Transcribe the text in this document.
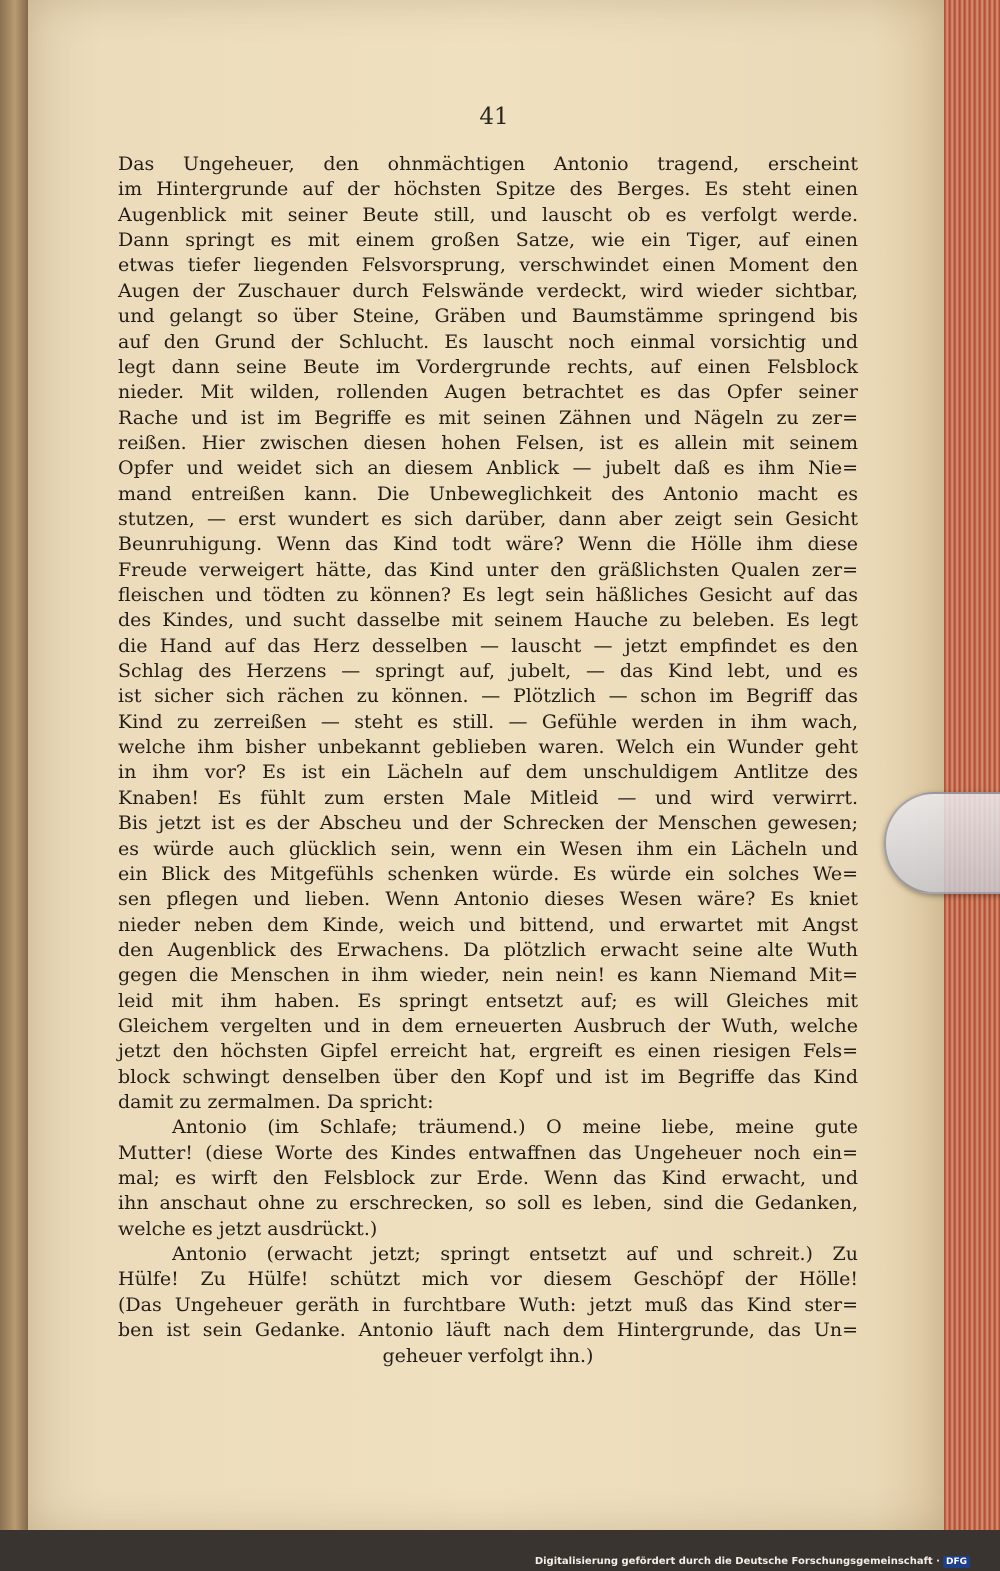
41
Das Ungeheuer, den ohnmächtigen Antonio tragend, erscheint
im Hintergrunde auf der höchsten Spitze des Berges. Es steht einen
Augenblick mit seiner Beute still, und lauscht ob es verfolgt werde.
Dann springt es mit einem großen Satze, wie ein Tiger, auf einen
etwas tiefer liegenden Felsvorsprung, verschwindet einen Moment den
Augen der Zuschauer durch Felswände verdeckt, wird wieder sichtbar,
und gelangt so über Steine, Gräben und Baumstämme springend bis
auf den Grund der Schlucht. Es lauscht noch einmal vorsichtig und
legt dann seine Beute im Vordergrunde rechts, auf einen Felsblock
nieder. Mit wilden, rollenden Augen betrachtet es das Opfer seiner
Rache und ist im Begriffe es mit seinen Zähnen und Nägeln zu zer=
reißen. Hier zwischen diesen hohen Felsen, ist es allein mit seinem
Opfer und weidet sich an diesem Anblick — jubelt daß es ihm Nie=
mand entreißen kann. Die Unbeweglichkeit des Antonio macht es
stutzen, — erst wundert es sich darüber, dann aber zeigt sein Gesicht
Beunruhigung. Wenn das Kind todt wäre? Wenn die Hölle ihm diese
Freude verweigert hätte, das Kind unter den gräßlichsten Qualen zer=
fleischen und tödten zu können? Es legt sein häßliches Gesicht auf das
des Kindes, und sucht dasselbe mit seinem Hauche zu beleben. Es legt
die Hand auf das Herz desselben — lauscht — jetzt empfindet es den
Schlag des Herzens — springt auf, jubelt, — das Kind lebt, und es
ist sicher sich rächen zu können. — Plötzlich — schon im Begriff das
Kind zu zerreißen — steht es still. — Gefühle werden in ihm wach,
welche ihm bisher unbekannt geblieben waren. Welch ein Wunder geht
in ihm vor? Es ist ein Lächeln auf dem unschuldigem Antlitze des
Knaben! Es fühlt zum ersten Male Mitleid — und wird verwirrt.
Bis jetzt ist es der Abscheu und der Schrecken der Menschen gewesen;
es würde auch glücklich sein, wenn ein Wesen ihm ein Lächeln und
ein Blick des Mitgefühls schenken würde. Es würde ein solches We=
sen pflegen und lieben. Wenn Antonio dieses Wesen wäre? Es kniet
nieder neben dem Kinde, weich und bittend, und erwartet mit Angst
den Augenblick des Erwachens. Da plötzlich erwacht seine alte Wuth
gegen die Menschen in ihm wieder, nein nein! es kann Niemand Mit=
leid mit ihm haben. Es springt entsetzt auf; es will Gleiches mit
Gleichem vergelten und in dem erneuerten Ausbruch der Wuth, welche
jetzt den höchsten Gipfel erreicht hat, ergreift es einen riesigen Fels=
block schwingt denselben über den Kopf und ist im Begriffe das Kind
damit zu zermalmen. Da spricht:
Antonio (im Schlafe; träumend.) O meine liebe, meine gute
Mutter! (diese Worte des Kindes entwaffnen das Ungeheuer noch ein=
mal; es wirft den Felsblock zur Erde. Wenn das Kind erwacht, und
ihn anschaut ohne zu erschrecken, so soll es leben, sind die Gedanken,
welche es jetzt ausdrückt.)
Antonio (erwacht jetzt; springt entsetzt auf und schreit.) Zu
Hülfe! Zu Hülfe! schützt mich vor diesem Geschöpf der Hölle!
(Das Ungeheuer geräth in furchtbare Wuth: jetzt muß das Kind ster=
ben ist sein Gedanke. Antonio läuft nach dem Hintergrunde, das Un=
geheuer verfolgt ihn.)
Digitalisierung gefördert durch die Deutsche Forschungsgemeinschaft · DFG
